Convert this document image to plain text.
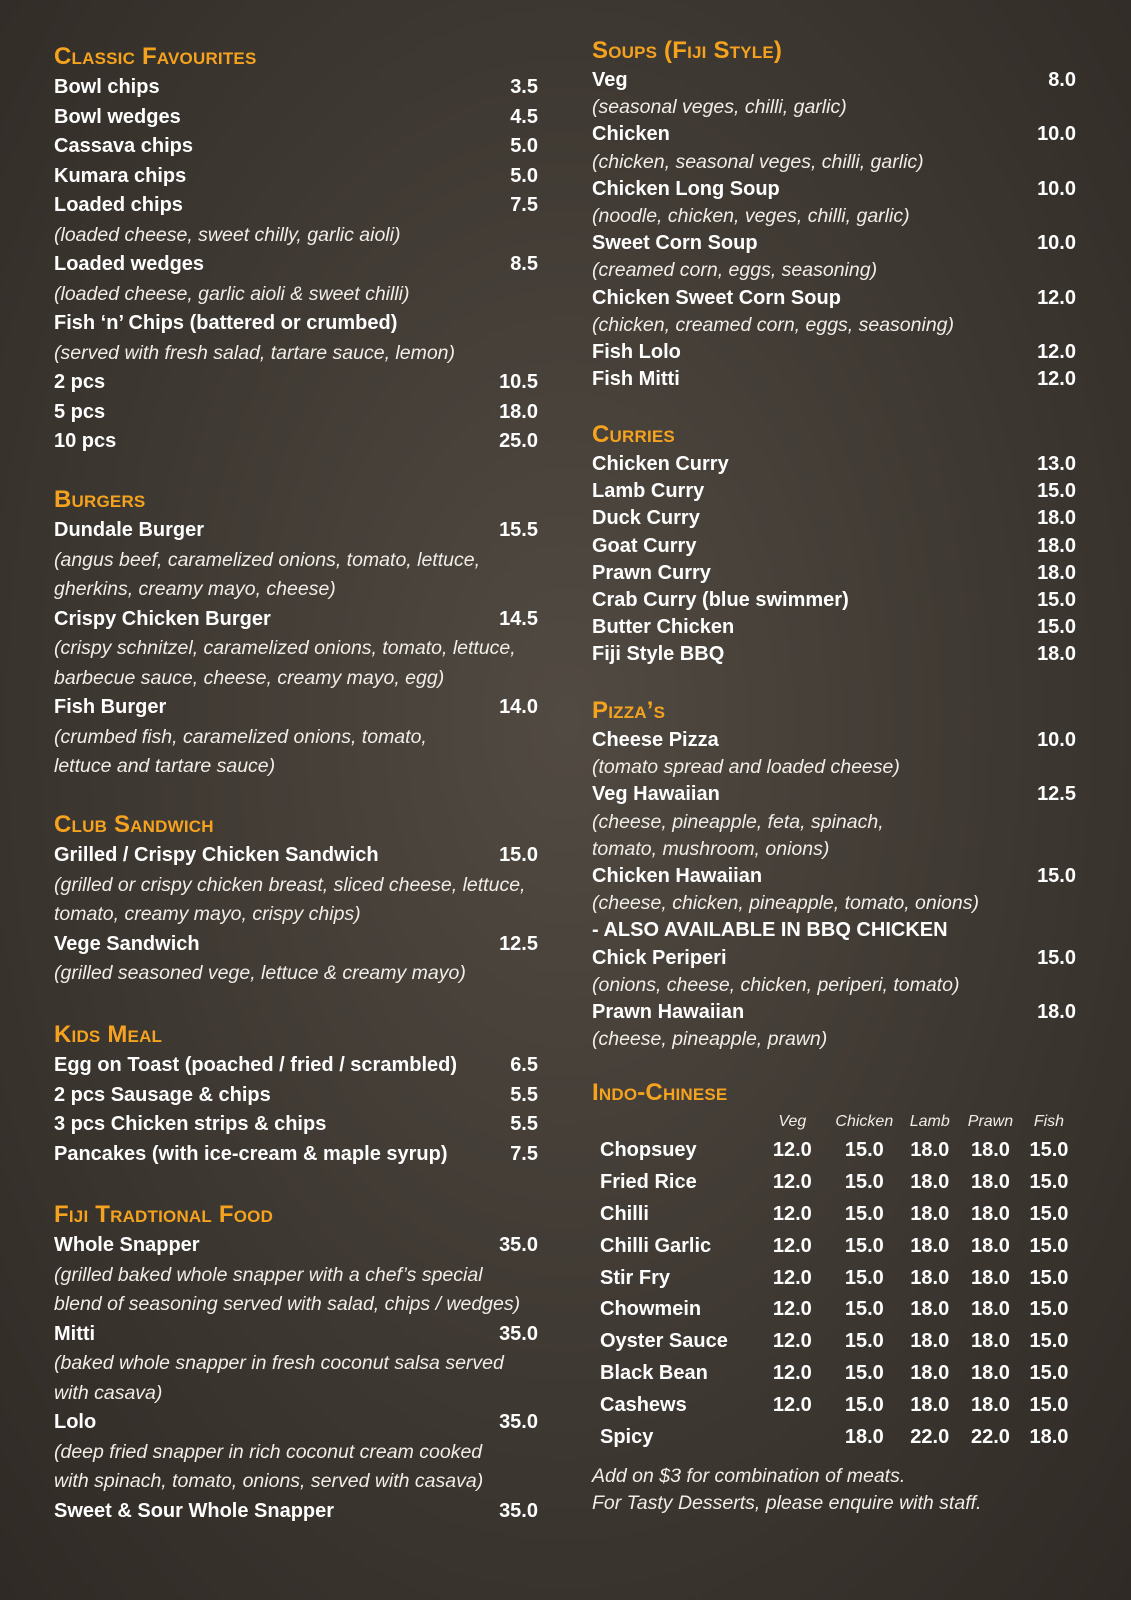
Classic Favourites
Bowl chips	3.5
Bowl wedges	4.5
Cassava chips	5.0
Kumara chips	5.0
Loaded chips	7.5
(loaded cheese, sweet chilly, garlic aioli)
Loaded wedges	8.5
(loaded cheese, garlic aioli & sweet chilli)
Fish ‘n’ Chips (battered or crumbed)
(served with fresh salad, tartare sauce, lemon)
2 pcs	10.5
5 pcs	18.0
10 pcs	25.0
Burgers
Dundale Burger	15.5
(angus beef, caramelized onions, tomato, lettuce,
gherkins, creamy mayo, cheese)
Crispy Chicken Burger	14.5
(crispy schnitzel, caramelized onions, tomato, lettuce,
barbecue sauce, cheese, creamy mayo, egg)
Fish Burger	14.0
(crumbed fish, caramelized onions, tomato,
lettuce and tartare sauce)
Club Sandwich
Grilled / Crispy Chicken Sandwich	15.0
(grilled or crispy chicken breast, sliced cheese, lettuce,
tomato, creamy mayo, crispy chips)
Vege Sandwich	12.5
(grilled seasoned vege, lettuce & creamy mayo)
Kids Meal
Egg on Toast (poached / fried / scrambled)	6.5
2 pcs Sausage & chips	5.5
3 pcs Chicken strips & chips	5.5
Pancakes (with ice-cream & maple syrup)	7.5
Fiji Tradtional Food
Whole Snapper	35.0
(grilled baked whole snapper with a chef’s special
blend of seasoning served with salad, chips / wedges)
Mitti	35.0
(baked whole snapper in fresh coconut salsa served
with casava)
Lolo	35.0
(deep fried snapper in rich coconut cream cooked
with spinach, tomato, onions, served with casava)
Sweet & Sour Whole Snapper	35.0
Soups (Fiji Style)
Veg	8.0
(seasonal veges, chilli, garlic)
Chicken	10.0
(chicken, seasonal veges, chilli, garlic)
Chicken Long Soup	10.0
(noodle, chicken, veges, chilli, garlic)
Sweet Corn Soup	10.0
(creamed corn, eggs, seasoning)
Chicken Sweet Corn Soup	12.0
(chicken, creamed corn, eggs, seasoning)
Fish Lolo	12.0
Fish Mitti	12.0
Curries
Chicken Curry	13.0
Lamb Curry	15.0
Duck Curry	18.0
Goat Curry	18.0
Prawn Curry	18.0
Crab Curry (blue swimmer)	15.0
Butter Chicken	15.0
Fiji Style BBQ	18.0
Pizza’s
Cheese Pizza	10.0
(tomato spread and loaded cheese)
Veg Hawaiian	12.5
(cheese, pineapple, feta, spinach,
tomato, mushroom, onions)
Chicken Hawaiian	15.0
(cheese, chicken, pineapple, tomato, onions)
- ALSO AVAILABLE IN BBQ CHICKEN
Chick Periperi	15.0
(onions, cheese, chicken, periperi, tomato)
Prawn Hawaiian	18.0
(cheese, pineapple, prawn)
Indo-Chinese
	Veg	Chicken	Lamb	Prawn	Fish
Chopsuey	12.0	15.0	18.0	18.0	15.0
Fried Rice	12.0	15.0	18.0	18.0	15.0
Chilli	12.0	15.0	18.0	18.0	15.0
Chilli Garlic	12.0	15.0	18.0	18.0	15.0
Stir Fry	12.0	15.0	18.0	18.0	15.0
Chowmein	12.0	15.0	18.0	18.0	15.0
Oyster Sauce	12.0	15.0	18.0	18.0	15.0
Black Bean	12.0	15.0	18.0	18.0	15.0
Cashews	12.0	15.0	18.0	18.0	15.0
Spicy		18.0	22.0	22.0	18.0
Add on $3 for combination of meats.
For Tasty Desserts, please enquire with staff.
